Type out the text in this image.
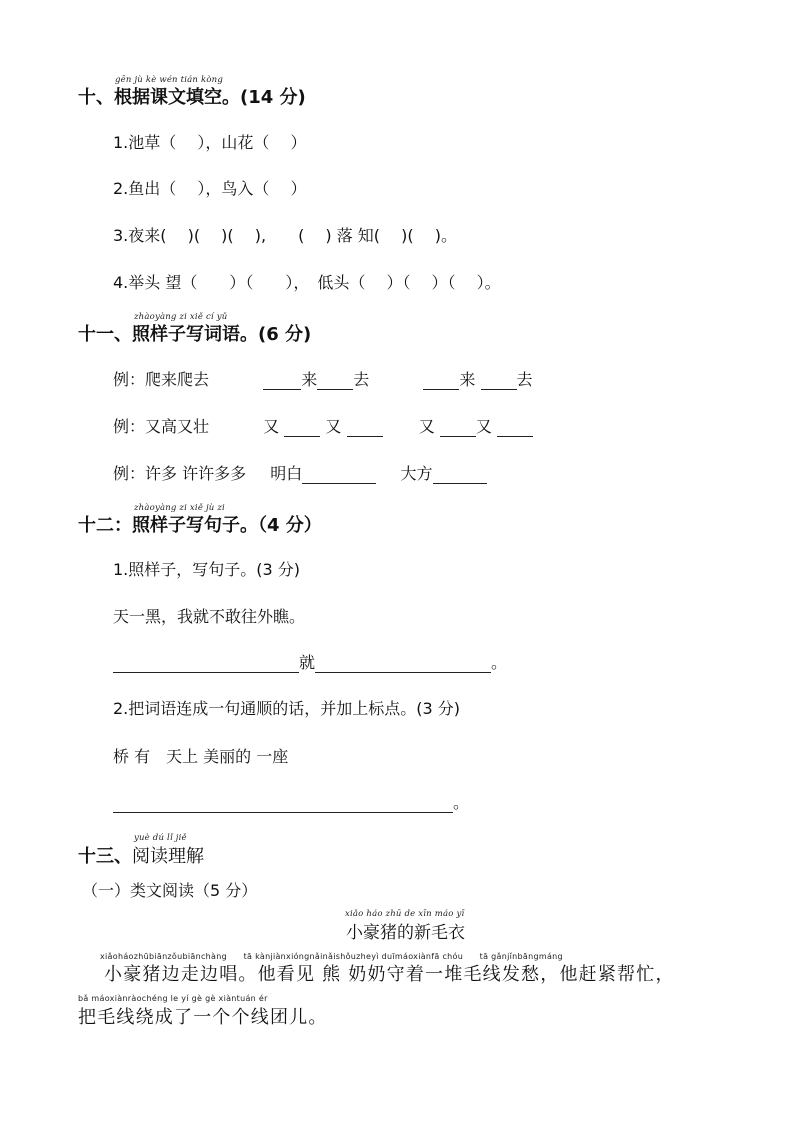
gēn jù kè wén tián kòng
十、根据课文填空。(14 分)
1.池草（　 ），山花（　 ）
2.鱼出（　 ），鸟入（　 ）
3.夜来(　 )(　 )(　 ),　　(　 ) 落 知(　 )(　 )。
4.举头 望（　　）（　　），　低头（　 ）（　 ）（　 ）。
zhàoyàng zi xiě cí yǔ
十一、照样子写词语。(6 分)
例：爬来爬去	来 去	来	去
例：又高又壮	又	又	又	又
例：许多 许许多多 明白	大方
zhàoyàng zi xiě jù zi
十二：照样子写句子。（4 分）
1.照样子，写句子。(3 分)
天一黑，我就不敢往外瞧。
就	。
2.把词语连成一句通顺的话，并加上标点。(3 分)
桥 有　天上 美丽的 一座
。
yuè dú lǐ jiě
十三、阅读理解
（一）类文阅读（5 分）
xiǎo háo zhū de xīn máo yī
小豪猪的新毛衣
xiǎoháozhūbiānzǒubiānchàng　　tā kànjiànxióngnǎinǎishǒuzheyì duīmáoxiànfā chóu　　tā gǎnjǐnbāngmáng
小豪猪边走边唱。他看见 熊 奶奶守着一堆毛线发愁，他赶紧帮忙，
bǎ máoxiànràochéng le yí gè gè xiàntuán ér
把毛线绕成了一个个线团儿。
